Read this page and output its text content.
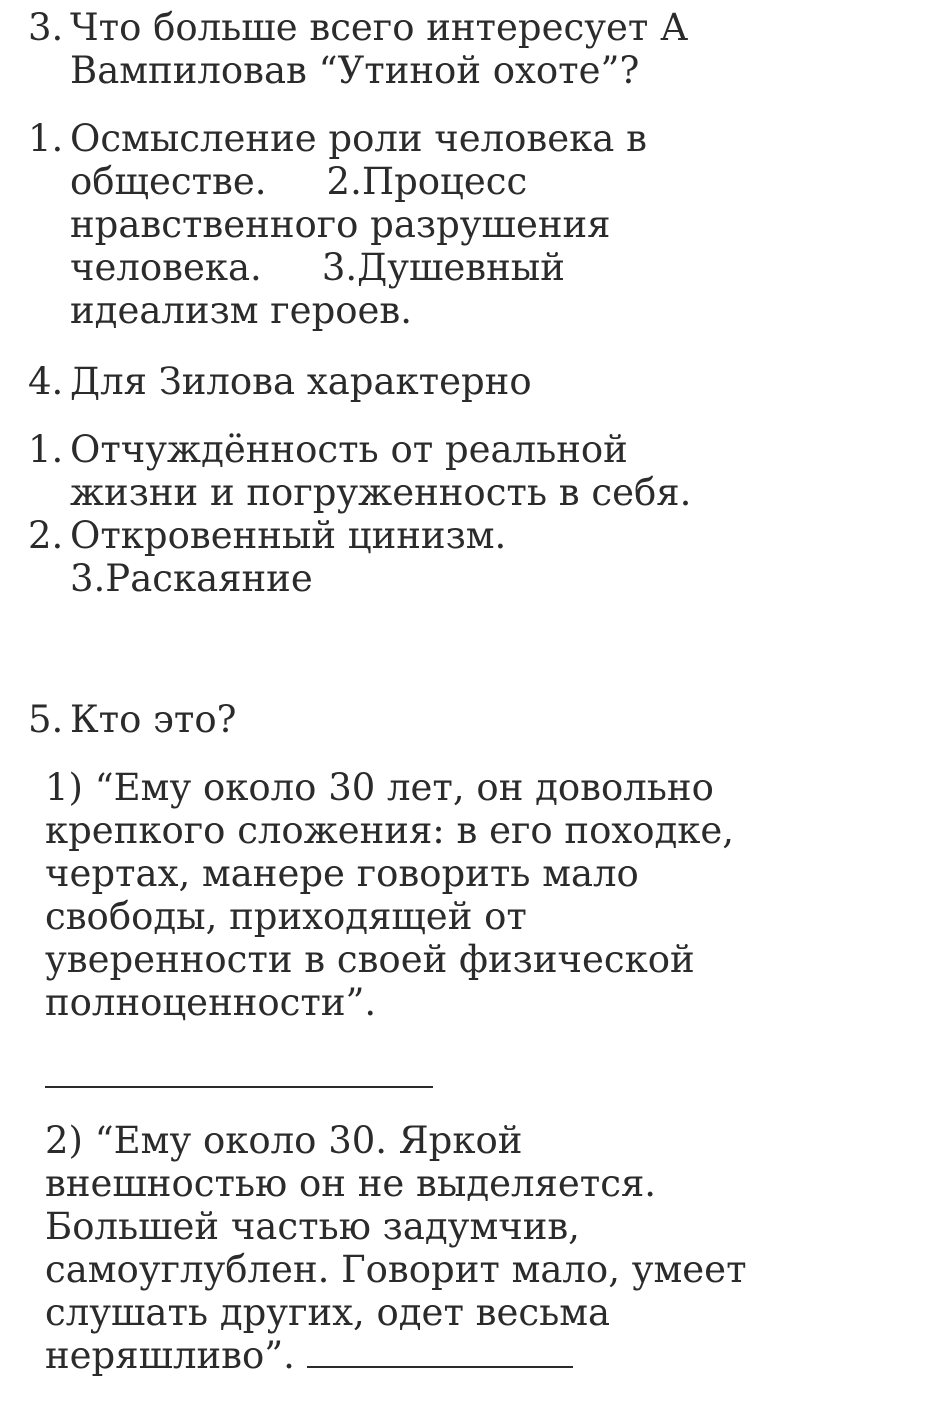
3. Что больше всего интересует А
Вампиловав “Утиной охоте”?
1. Осмысление роли человека в
обществе. 2.Процесс
нравственного разрушения
человека. 3.Душевный
идеализм героев.
4. Для Зилова характерно
1. Отчуждённость от реальной
жизни и погруженность в себя.
2. Откровенный цинизм.
3.Раскаяние
5. Кто это?
1) “Ему около 30 лет, он довольно
крепкого сложения: в его походке,
чертах, манере говорить мало
свободы, приходящей от
уверенности в своей физической
полноценности”.
2) “Ему около 30. Яркой
внешностью он не выделяется.
Большей частью задумчив,
самоуглублен. Говорит мало, умеет
слушать других, одет весьма
неряшливо”.
